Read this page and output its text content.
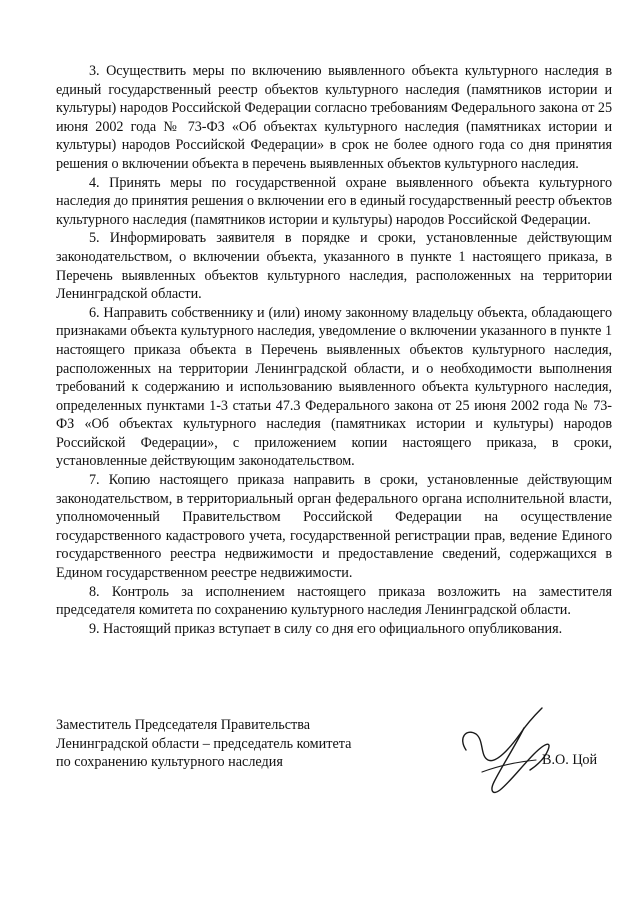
3. Осуществить меры по включению выявленного объекта культурного наследия в единый государственный реестр объектов культурного наследия (памятников истории и культуры) народов Российской Федерации согласно требованиям Федерального закона от 25 июня 2002 года № 73-ФЗ «Об объектах культурного наследия (памятниках истории и культуры) народов Российской Федерации» в срок не более одного года со дня принятия решения о включении объекта в перечень выявленных объектов культурного наследия.

4. Принять меры по государственной охране выявленного объекта культурного наследия до принятия решения о включении его в единый государственный реестр объектов культурного наследия (памятников истории и культуры) народов Российской Федерации.

5. Информировать заявителя в порядке и сроки, установленные действующим законодательством, о включении объекта, указанного в пункте 1 настоящего приказа, в Перечень выявленных объектов культурного наследия, расположенных на территории Ленинградской области.

6. Направить собственнику и (или) иному законному владельцу объекта, обладающего признаками объекта культурного наследия, уведомление о включении указанного в пункте 1 настоящего приказа объекта в Перечень выявленных объектов культурного наследия, расположенных на территории Ленинградской области, и о необходимости выполнения требований к содержанию и использованию выявленного объекта культурного наследия, определенных пунктами 1-3 статьи 47.3 Федерального закона от 25 июня 2002 года № 73-ФЗ «Об объектах культурного наследия (памятниках истории и культуры) народов Российской Федерации», с приложением копии настоящего приказа, в сроки, установленные действующим законодательством.

7. Копию настоящего приказа направить в сроки, установленные действующим законодательством, в территориальный орган федерального органа исполнительной власти, уполномоченный Правительством Российской Федерации на осуществление государственного кадастрового учета, государственной регистрации прав, ведение Единого государственного реестра недвижимости и предоставление сведений, содержащихся в Едином государственном реестре недвижимости.

8. Контроль за исполнением настоящего приказа возложить на заместителя председателя комитета по сохранению культурного наследия Ленинградской области.

9. Настоящий приказ вступает в силу со дня его официального опубликования.

Заместитель Председателя Правительства
Ленинградской области – председатель комитета
по сохранению культурного наследия	В.О. Цой
